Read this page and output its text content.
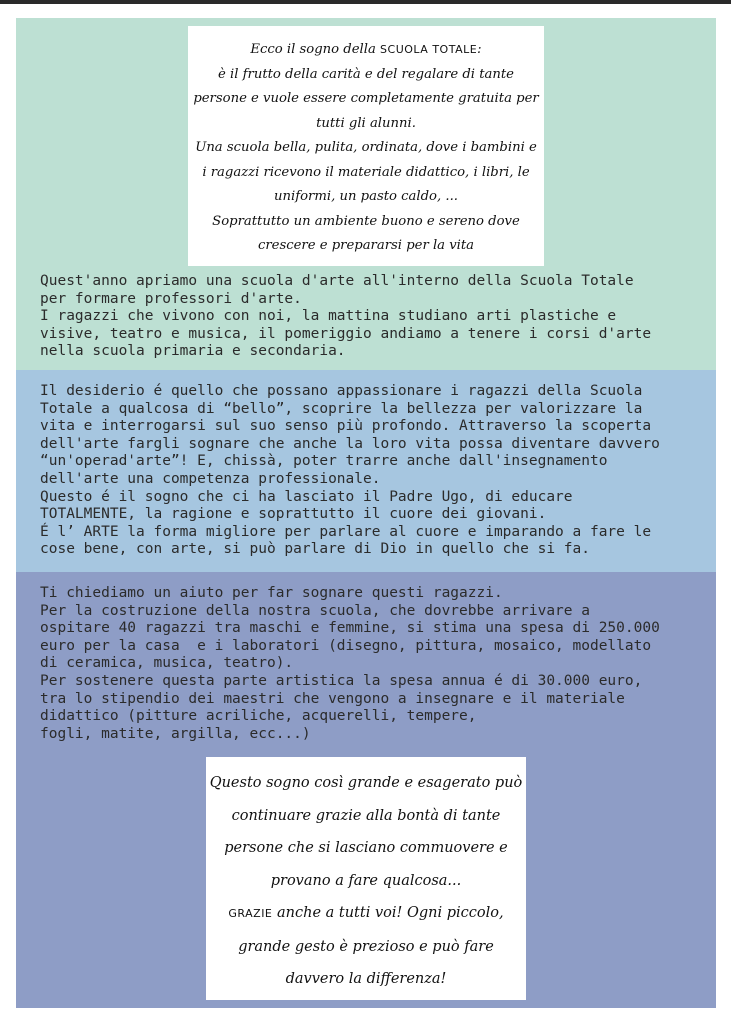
Ecco il sogno della SCUOLA TOTALE:
è il frutto della carità e del regalare di tante
persone e vuole essere completamente gratuita per
tutti gli alunni.
Una scuola bella, pulita, ordinata, dove i bambini e
i ragazzi ricevono il materiale didattico, i libri, le
uniformi, un pasto caldo, ...
Soprattutto un ambiente buono e sereno dove
crescere e prepararsi per la vita
Quest'anno apriamo una scuola d'arte all'interno della Scuola Totale
per formare professori d'arte.
I ragazzi che vivono con noi, la mattina studiano arti plastiche e
visive, teatro e musica, il pomeriggio andiamo a tenere i corsi d'arte
nella scuola primaria e secondaria.
Il desiderio é quello che possano appassionare i ragazzi della Scuola
Totale a qualcosa di “bello”, scoprire la bellezza per valorizzare la
vita e interrogarsi sul suo senso più profondo. Attraverso la scoperta
dell'arte fargli sognare che anche la loro vita possa diventare davvero
“un'operad'arte”! E, chissà, poter trarre anche dall'insegnamento
dell'arte una competenza professionale.
Questo é il sogno che ci ha lasciato il Padre Ugo, di educare
TOTALMENTE, la ragione e soprattutto il cuore dei giovani.
É l’ ARTE la forma migliore per parlare al cuore e imparando a fare le
cose bene, con arte, si può parlare di Dio in quello che si fa.
Ti chiediamo un aiuto per far sognare questi ragazzi.
Per la costruzione della nostra scuola, che dovrebbe arrivare a
ospitare 40 ragazzi tra maschi e femmine, si stima una spesa di 250.000
euro per la casa  e i laboratori (disegno, pittura, mosaico, modellato
di ceramica, musica, teatro).
Per sostenere questa parte artistica la spesa annua é di 30.000 euro,
tra lo stipendio dei maestri che vengono a insegnare e il materiale
didattico (pitture acriliche, acquerelli, tempere,
fogli, matite, argilla, ecc...)
Questo sogno così grande e esagerato può
continuare grazie alla bontà di tante
persone che si lasciano commuovere e
provano a fare qualcosa...
GRAZIE anche a tutti voi! Ogni piccolo,
grande gesto è prezioso e può fare
davvero la differenza!
